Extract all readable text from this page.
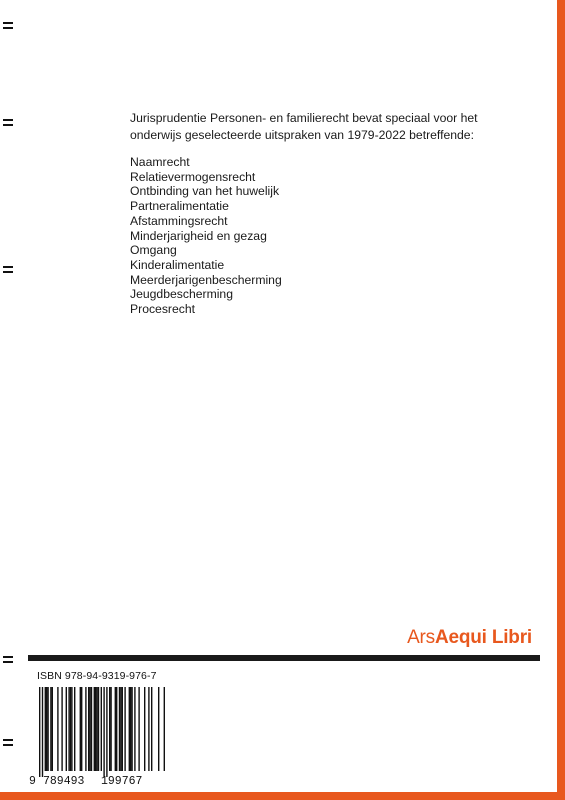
Jurisprudentie Personen- en familierecht bevat speciaal voor het onderwijs geselecteerde uitspraken van 1979-2022 betreffende:

Naamrecht
Relatievermogensrecht
Ontbinding van het huwelijk
Partneralimentatie
Afstammingsrecht
Minderjarigheid en gezag
Omgang
Kinderalimentatie
Meerderjarigenbescherming
Jeugdbescherming
Procesrecht
Ars Aequi Libri
ISBN 978-94-9319-976-7
9 789493 199767
